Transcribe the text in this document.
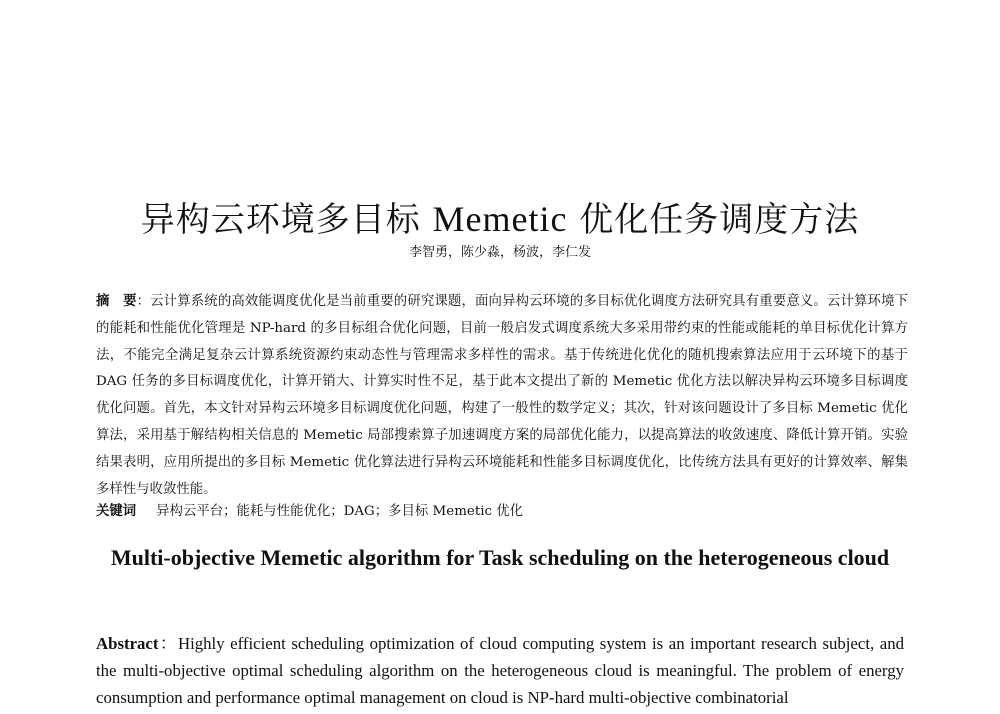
异构云环境多目标 Memetic 优化任务调度方法
李智勇，陈少淼，杨波，李仁发
摘　要：云计算系统的高效能调度优化是当前重要的研究课题，面向异构云环境的多目标优化调度方法研究具有重要意义。云计算环境下的能耗和性能优化管理是 NP-hard 的多目标组合优化问题，目前一般启发式调度系统大多采用带约束的性能或能耗的单目标优化计算方法，不能完全满足复杂云计算系统资源约束动态性与管理需求多样性的需求。基于传统进化优化的随机搜索算法应用于云环境下的基于 DAG 任务的多目标调度优化，计算开销大、计算实时性不足，基于此本文提出了新的 Memetic 优化方法以解决异构云环境多目标调度优化问题。首先，本文针对异构云环境多目标调度优化问题，构建了一般性的数学定义；其次，针对该问题设计了多目标 Memetic 优化算法，采用基于解结构相关信息的 Memetic 局部搜索算子加速调度方案的局部优化能力，以提高算法的收敛速度、降低计算开销。实验结果表明，应用所提出的多目标 Memetic 优化算法进行异构云环境能耗和性能多目标调度优化，比传统方法具有更好的计算效率、解集多样性与收敛性能。
关键词 异构云平台；能耗与性能优化；DAG；多目标 Memetic 优化
Multi-objective Memetic algorithm for Task scheduling on the heterogeneous cloud
Abstract：Highly efficient scheduling optimization of cloud computing system is an important research subject, and the multi-objective optimal scheduling algorithm on the heterogeneous cloud is meaningful. The problem of energy consumption and performance optimal management on cloud is NP-hard multi-objective combinatorial
